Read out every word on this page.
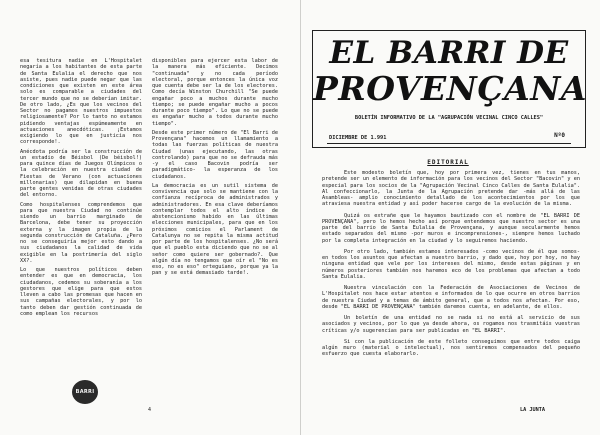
esa tesitura nadie en L'Hospitalet negaría a los habitantes de esta parte de Santa Eulalia el derecho que nos asiste, pues nadie puede negar que las condiciones que existen en este área solo es comparable a ciudades del tercer mundo que no se deberían imitar. De otro lado, ¿Es que los vecinos del Sector no pagamos nuestros impuestos religiosamente? Por lo tanto no estamos pidiendo ventajas espúmeamente en actuaciones anecdóticas. ¡Estamos exigiendo lo que en justicia nos corresponde!.

Anécdota podría ser la construcción de un estadio de Béisbol (De béisbol!) para quince días de Juegos Olímpicos o la celebración en nuestra ciudad de Fiestas de Verano (con actuaciones millonarias) que dilapidan en buena parte gentes venidas de otras ciudades del entorno.

Como hospitalenses comprendemos que para que nuestra Ciudad no continúe siendo un barrio marginado de Barcelona, debe tener su proyección externa y la imagen propia de la segunda construcción de Cataluña. ¿Pero no se conseguiría mejor esto dando a sus ciudadanos la calidad de vida exigible en la postrimería del siglo XX?.

Lo que nuestros políticos deben entender es que en democracia, los ciudadanos, cedemos su soberanía a los gestores que elige para que estos lleven a cabo las promesas que hacen en sus campañas electorales, y por lo tanto deben dar gestión continuada de como emplean los recursos

disponibles para ejercer esta labor de la manera más eficiente. Decimos "continuada" y no cada período electoral, porque entonces la única voz que cuenta debe ser la de los electores. Como decía Winston Churchill "Se puede engañar poco a muchos durante mucho tiempo; se puede engañar mucho a pocos durante poco tiempo". Lo que no se puede es engañar mucho a todos durante mucho tiempo".

Desde este primer número de "El Barri de Provençana" hacemos un llamamiento a todas las fuerzas políticas de nuestra Ciudad (unas ejecutando, las otras controlando) para que no se defrauda más -y el caso Bacovin podría ser paradigmático- la esperanza de los ciudadanos.

La democracia es un sutil sistema de convivencia que solo se mantiene con la confianza recíproca de administrados y administradores. En esa clave deberíamos contemplar todos el alto índice de abstencionismo habido en las últimas elecciones municipales, para que en los próximos comicios el Parlament de Catalunya no se repita la misma actitud por parte de los hospitalenses. ¿No será que el pueblo esta diciendo que no se al señor como quiere ser gobernado?. Que algún día no tengamos que oír el "No es eso, no es eso" orteguiano, porque ya la pan y se está demasiado tarde!.

BARRI
4
EL BARRI DE
PROVENÇANA
BOLETÍN INFORMATIVO DE LA "AGRUPACIÓN VECINAL CINCO CALLES"
DICIEMBRE DE 1.991	Nº0
EDITORIAL

Este modesto boletín que, hoy por primera vez, tienes en tus manos, pretende ser un elemento de información para los vecinos del Sector "Bacovin" y en especial para los socios de la "Agrupación Vecinal Cinco Calles de Santa Eulalia". Al confeccionarlo, la Junta de la Agrupación pretende dar -más allá de las Asambleas- amplio conocimiento detallado de los acontecimientos por los que atraviesa nuestra entidad y así poder hacerse cargo de la evolución de la misma.

Quizá os extrañe que le hayamos bautizado con el nombre de "EL BARRI DE PROVENÇANA", pero lo hemos hecho así porque entendemos que nuestro sector es una parte del barrio de Santa Eulalia de Provençana, y aunque secularmente hemos estado separados del mismo -por muros e incomprensiones-, siempre hemos luchado por la completa integración en la ciudad y lo seguiremos haciendo.

Por otro lado, también estamos interesados -como vecinos de él que somos- en todos los asuntos que afectan a nuestro barrio, y dado que, hoy por hoy, no hay ninguna entidad que vele por los intereses del mismo, desde estas páginas y en números posteriores también nos haremos eco de los problemas que afectan a todo Santa Eulalia.

Nuestra vinculación con la Federación de Asociaciones de Vecinos de L'Hospitalet nos hace estar atentos e informados de lo que ocurre en otros barrios de nuestra Ciudad y a temas de ámbito general, que a todos nos afectan. Por eso, desde "EL BARRI DE PROVENÇANA" también daremos cuenta, en adelante, de ellos.

Un boletín de una entidad no se nada si no está al servicio de sus asociados y vecinos, por lo que ya desde ahora, os rogamos nos trasmitáis vuestras críticas y/o sugerencias para ser publicadas en "EL BARRI".

Si con la publicación de este folleto conseguimos que entre todos caiga algún muro (material o intelectual), nos sentiremos compensados del pequeño esfuerzo que cuesta elaborarlo.

LA JUNTA
